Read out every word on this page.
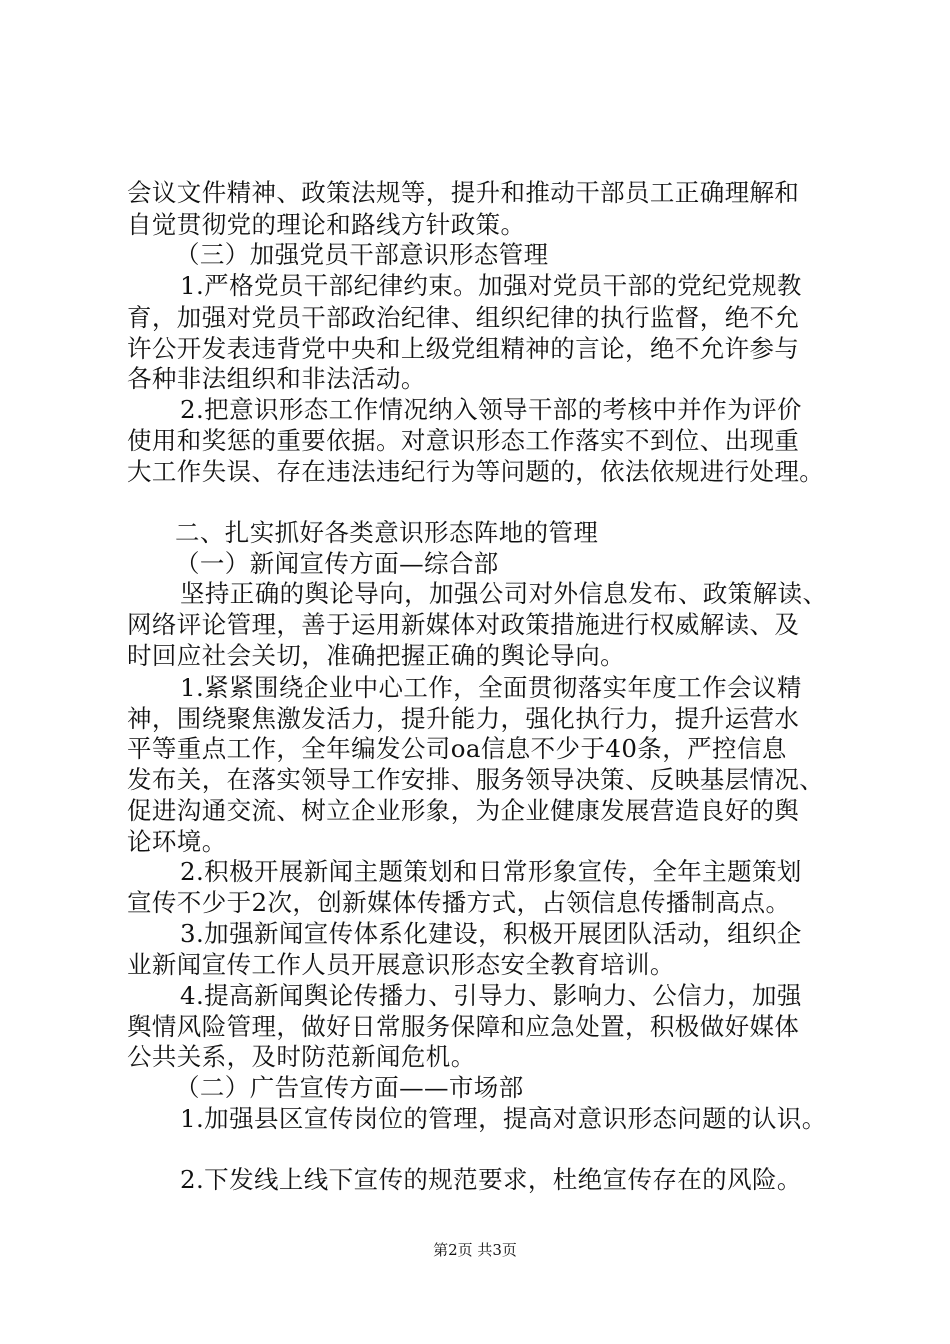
会议文件精神、政策法规等，提升和推动干部员工正确理解和
自觉贯彻党的理论和路线方针政策。
（三）加强党员干部意识形态管理
1.严格党员干部纪律约束。加强对党员干部的党纪党规教
育，加强对党员干部政治纪律、组织纪律的执行监督，绝不允
许公开发表违背党中央和上级党组精神的言论，绝不允许参与
各种非法组织和非法活动。
2.把意识形态工作情况纳入领导干部的考核中并作为评价
使用和奖惩的重要依据。对意识形态工作落实不到位、出现重
大工作失误、存在违法违纪行为等问题的，依法依规进行处理。
二、扎实抓好各类意识形态阵地的管理
（一）新闻宣传方面—综合部
坚持正确的舆论导向，加强公司对外信息发布、政策解读、
网络评论管理，善于运用新媒体对政策措施进行权威解读、及
时回应社会关切，准确把握正确的舆论导向。
1.紧紧围绕企业中心工作，全面贯彻落实年度工作会议精
神，围绕聚焦激发活力，提升能力，强化执行力，提升运营水
平等重点工作，全年编发公司oa信息不少于40条，严控信息
发布关，在落实领导工作安排、服务领导决策、反映基层情况、
促进沟通交流、树立企业形象，为企业健康发展营造良好的舆
论环境。
2.积极开展新闻主题策划和日常形象宣传，全年主题策划
宣传不少于2次，创新媒体传播方式，占领信息传播制高点。
3.加强新闻宣传体系化建设，积极开展团队活动，组织企
业新闻宣传工作人员开展意识形态安全教育培训。
4.提高新闻舆论传播力、引导力、影响力、公信力，加强
舆情风险管理，做好日常服务保障和应急处置，积极做好媒体
公共关系，及时防范新闻危机。
（二）广告宣传方面——市场部
1.加强县区宣传岗位的管理，提高对意识形态问题的认识。
2.下发线上线下宣传的规范要求，杜绝宣传存在的风险。
第2页 共3页
